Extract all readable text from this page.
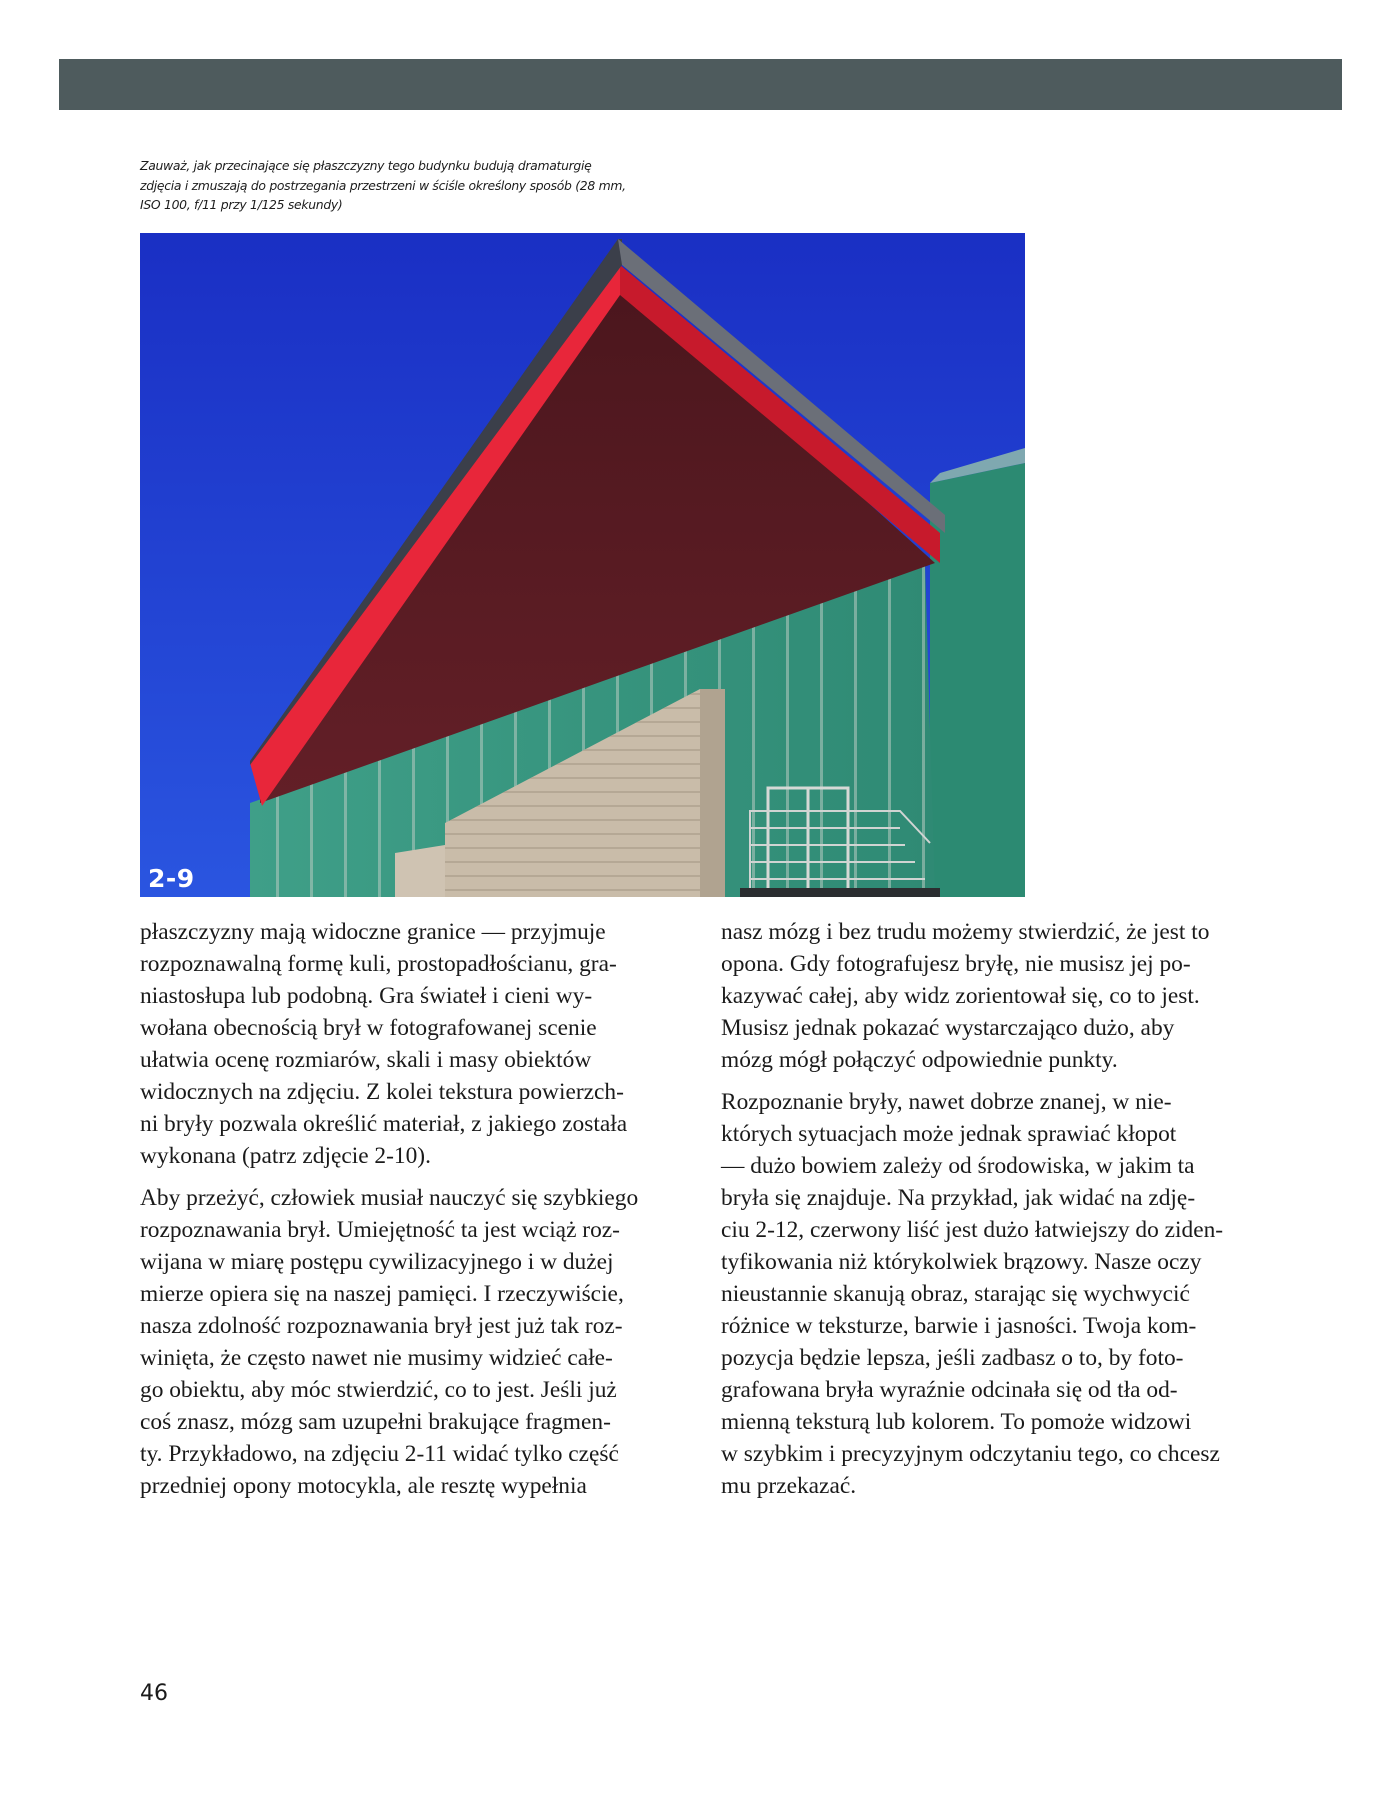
Zauważ, jak przecinające się płaszczyzny tego budynku budują dramaturgię
zdjęcia i zmuszają do postrzegania przestrzeni w ściśle określony sposób (28 mm,
ISO 100, f/11 przy 1/125 sekundy)
2-9

płaszczyzny mają widoczne granice — przyjmuje
rozpoznawalną formę kuli, prostopadłościanu, gra-
niastosłupa lub podobną. Gra świateł i cieni wy-
wołana obecnością brył w fotografowanej scenie
ułatwia ocenę rozmiarów, skali i masy obiektów
widocznych na zdjęciu. Z kolei tekstura powierzch-
ni bryły pozwala określić materiał, z jakiego została
wykonana (patrz zdjęcie 2-10).

Aby przeżyć, człowiek musiał nauczyć się szybkiego
rozpoznawania brył. Umiejętność ta jest wciąż roz-
wijana w miarę postępu cywilizacyjnego i w dużej
mierze opiera się na naszej pamięci. I rzeczywiście,
nasza zdolność rozpoznawania brył jest już tak roz-
winięta, że często nawet nie musimy widzieć całe-
go obiektu, aby móc stwierdzić, co to jest. Jeśli już
coś znasz, mózg sam uzupełni brakujące fragmen-
ty. Przykładowo, na zdjęciu 2-11 widać tylko część
przedniej opony motocykla, ale resztę wypełnia

nasz mózg i bez trudu możemy stwierdzić, że jest to
opona. Gdy fotografujesz bryłę, nie musisz jej po-
kazywać całej, aby widz zorientował się, co to jest.
Musisz jednak pokazać wystarczająco dużo, aby
mózg mógł połączyć odpowiednie punkty.

Rozpoznanie bryły, nawet dobrze znanej, w nie-
których sytuacjach może jednak sprawiać kłopot
— dużo bowiem zależy od środowiska, w jakim ta
bryła się znajduje. Na przykład, jak widać na zdję-
ciu 2-12, czerwony liść jest dużo łatwiejszy do ziden-
tyfikowania niż którykolwiek brązowy. Nasze oczy
nieustannie skanują obraz, starając się wychwycić
różnice w teksturze, barwie i jasności. Twoja kom-
pozycja będzie lepsza, jeśli zadbasz o to, by foto-
grafowana bryła wyraźnie odcinała się od tła od-
mienną teksturą lub kolorem. To pomoże widzowi
w szybkim i precyzyjnym odczytaniu tego, co chcesz
mu przekazać.

46
